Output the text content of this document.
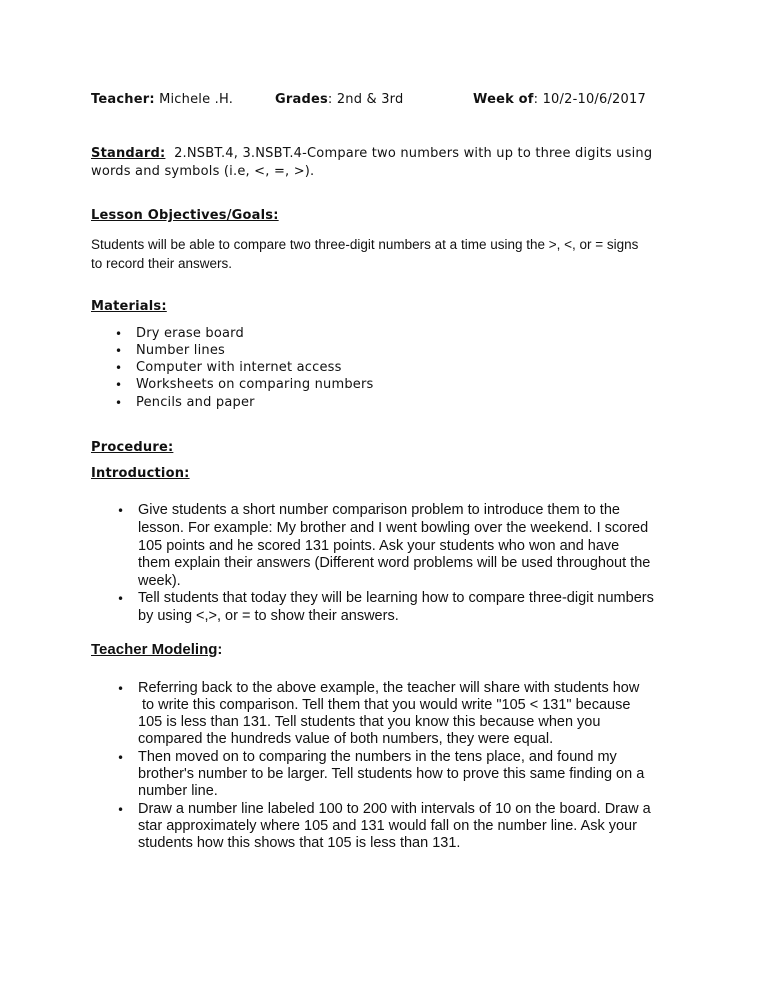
Teacher: Michele .H.	Grades: 2nd & 3rd	Week of: 10/2-10/6/2017
Standard: 2.NSBT.4, 3.NSBT.4-Compare two numbers with up to three digits using
words and symbols (i.e, <, =, >).
Lesson Objectives/Goals:
Students will be able to compare two three-digit numbers at a time using the >, <, or = signs
to record their answers.
Materials:
• Dry erase board
• Number lines
• Computer with internet access
• Worksheets on comparing numbers
• Pencils and paper
Procedure:
Introduction:
• Give students a short number comparison problem to introduce them to the
lesson. For example: My brother and I went bowling over the weekend. I scored
105 points and he scored 131 points. Ask your students who won and have
them explain their answers (Different word problems will be used throughout the
week).
• Tell students that today they will be learning how to compare three-digit numbers
by using <,>, or = to show their answers.
Teacher Modeling:
• Referring back to the above example, the teacher will share with students how
to write this comparison. Tell them that you would write "105 < 131" because
105 is less than 131. Tell students that you know this because when you
compared the hundreds value of both numbers, they were equal.
• Then moved on to comparing the numbers in the tens place, and found my
brother's number to be larger. Tell students how to prove this same finding on a
number line.
• Draw a number line labeled 100 to 200 with intervals of 10 on the board. Draw a
star approximately where 105 and 131 would fall on the number line. Ask your
students how this shows that 105 is less than 131.
